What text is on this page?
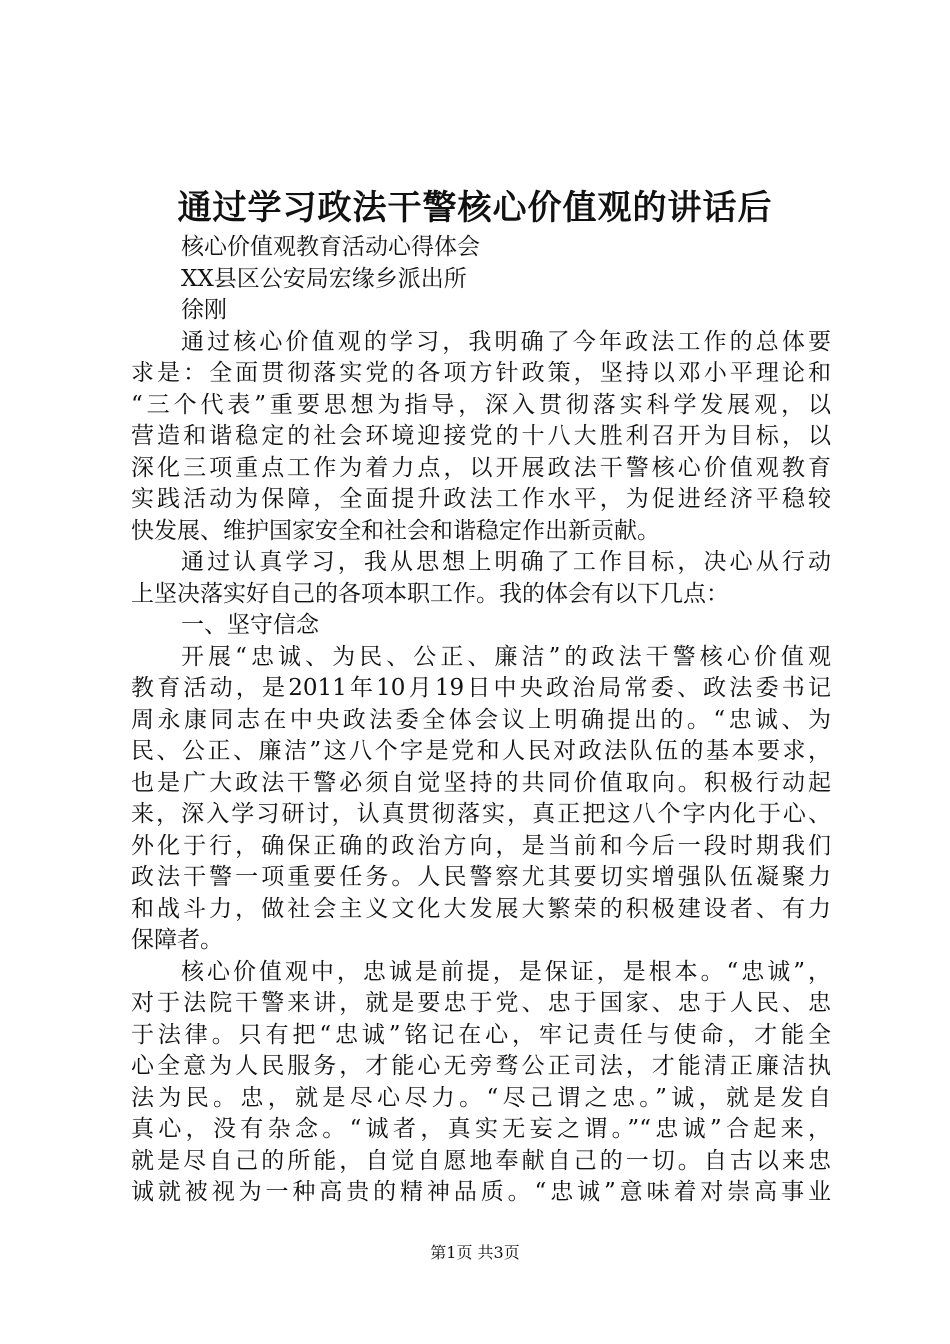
通过学习政法干警核心价值观的讲话后

核心价值观教育活动心得体会

XX县区公安局宏缘乡派出所

徐刚

通过核心价值观的学习，我明确了今年政法工作的总体要

求是：全面贯彻落实党的各项方针政策，坚持以邓小平理论和

“三个代表”重要思想为指导，深入贯彻落实科学发展观，以

营造和谐稳定的社会环境迎接党的十八大胜利召开为目标，以

深化三项重点工作为着力点，以开展政法干警核心价值观教育

实践活动为保障，全面提升政法工作水平，为促进经济平稳较

快发展、维护国家安全和社会和谐稳定作出新贡献。

通过认真学习，我从思想上明确了工作目标，决心从行动

上坚决落实好自己的各项本职工作。我的体会有以下几点：

一、坚守信念

开展“忠诚、为民、公正、廉洁”的政法干警核心价值观

教育活动，是2011年10月19日中央政治局常委、政法委书记

周永康同志在中央政法委全体会议上明确提出的。“忠诚、为

民、公正、廉洁”这八个字是党和人民对政法队伍的基本要求，

也是广大政法干警必须自觉坚持的共同价值取向。积极行动起

来，深入学习研讨，认真贯彻落实，真正把这八个字内化于心、

外化于行，确保正确的政治方向，是当前和今后一段时期我们

政法干警一项重要任务。人民警察尤其要切实增强队伍凝聚力

和战斗力，做社会主义文化大发展大繁荣的积极建设者、有力

保障者。

核心价值观中，忠诚是前提，是保证，是根本。“忠诚”，

对于法院干警来讲，就是要忠于党、忠于国家、忠于人民、忠

于法律。只有把“忠诚”铭记在心，牢记责任与使命，才能全

心全意为人民服务，才能心无旁骛公正司法，才能清正廉洁执

法为民。忠，就是尽心尽力。“尽己谓之忠。”诚，就是发自

真心，没有杂念。“诚者，真实无妄之谓。”“忠诚”合起来，

就是尽自己的所能，自觉自愿地奉献自己的一切。自古以来忠

诚就被视为一种高贵的精神品质。“忠诚”意味着对崇高事业

第1页 共3页
